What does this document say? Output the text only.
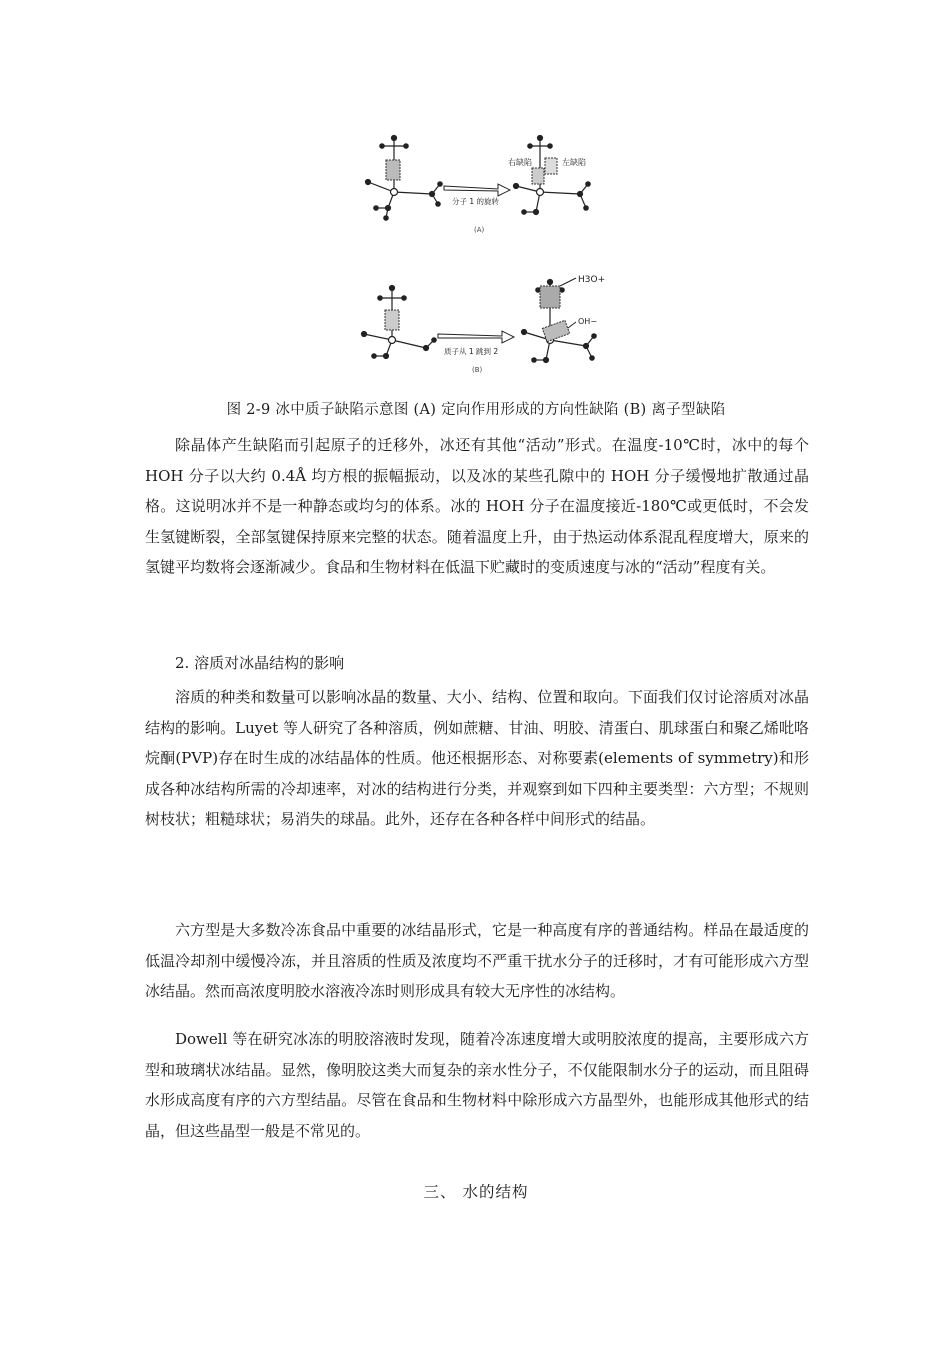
右缺陷	左缺陷
分子 1 的旋转
(A)
H3O+
OH−
质子从 1 跳到 2
(B)
图 2-9 冰中质子缺陷示意图 (A) 定向作用形成的方向性缺陷 (B) 离子型缺陷

除晶体产生缺陷而引起原子的迁移外，冰还有其他“活动”形式。在温度-10℃时，冰中的每个 HOH 分子以大约 0.4Å 均方根的振幅振动，以及冰的某些孔隙中的 HOH 分子缓慢地扩散通过晶格。这说明冰并不是一种静态或均匀的体系。冰的 HOH 分子在温度接近-180℃或更低时，不会发生氢键断裂，全部氢键保持原来完整的状态。随着温度上升，由于热运动体系混乱程度增大，原来的氢键平均数将会逐渐减少。食品和生物材料在低温下贮藏时的变质速度与冰的“活动”程度有关。

2. 溶质对冰晶结构的影响

溶质的种类和数量可以影响冰晶的数量、大小、结构、位置和取向。下面我们仅讨论溶质对冰晶结构的影响。Luyet 等人研究了各种溶质，例如蔗糖、甘油、明胶、清蛋白、肌球蛋白和聚乙烯吡咯烷酮(PVP)存在时生成的冰结晶体的性质。他还根据形态、对称要素(elements of symmetry)和形成各种冰结构所需的冷却速率，对冰的结构进行分类，并观察到如下四种主要类型：六方型；不规则树枝状；粗糙球状；易消失的球晶。此外，还存在各种各样中间形式的结晶。

六方型是大多数冷冻食品中重要的冰结晶形式，它是一种高度有序的普通结构。样品在最适度的低温冷却剂中缓慢冷冻，并且溶质的性质及浓度均不严重干扰水分子的迁移时，才有可能形成六方型冰结晶。然而高浓度明胶水溶液冷冻时则形成具有较大无序性的冰结构。

Dowell 等在研究冰冻的明胶溶液时发现，随着冷冻速度增大或明胶浓度的提高，主要形成六方型和玻璃状冰结晶。显然，像明胶这类大而复杂的亲水性分子，不仅能限制水分子的运动，而且阻碍水形成高度有序的六方型结晶。尽管在食品和生物材料中除形成六方晶型外，也能形成其他形式的结晶，但这些晶型一般是不常见的。

三、 水的结构
